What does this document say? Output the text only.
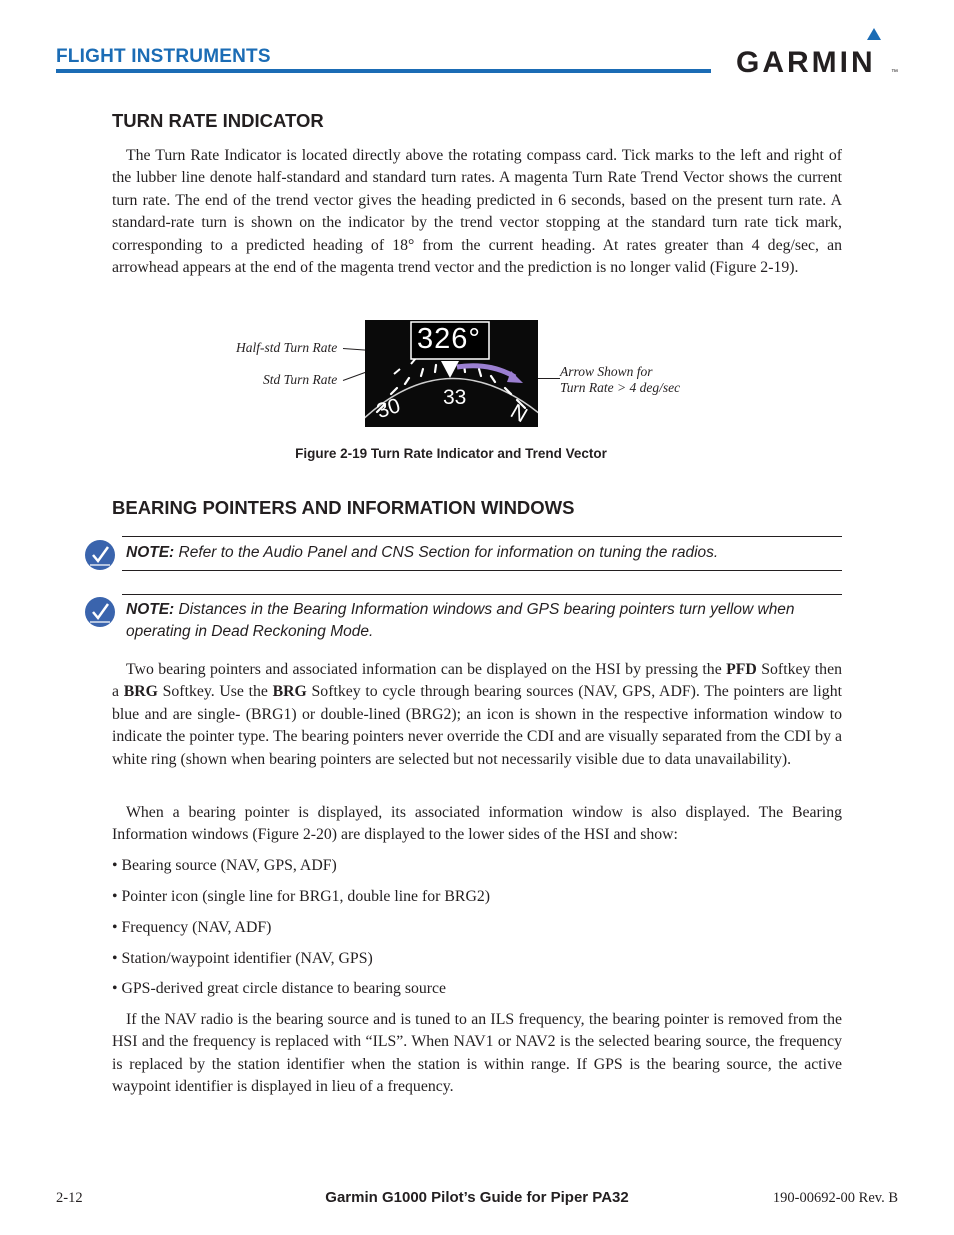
FLIGHT INSTRUMENTS	GARMIN ™
TURN RATE INDICATOR

The Turn Rate Indicator is located directly above the rotating compass card. Tick marks to the left and right of the lubber line denote half-standard and standard turn rates. A magenta Turn Rate Trend Vector shows the current turn rate. The end of the trend vector gives the heading predicted in 6 seconds, based on the present turn rate. A standard-rate turn is shown on the indicator by the trend vector stopping at the standard turn rate tick mark, corresponding to a predicted heading of 18° from the current heading. At rates greater than 4 deg/sec, an arrowhead appears at the end of the magenta trend vector and the prediction is no longer valid (Figure 2-19).

Half-std Turn Rate
Std Turn Rate
Arrow Shown for
Turn Rate > 4 deg/sec
326°
30 33
N
Figure 2-19 Turn Rate Indicator and Trend Vector
BEARING POINTERS AND INFORMATION WINDOWS
NOTE: Refer to the Audio Panel and CNS Section for information on tuning the radios.
NOTE: Distances in the Bearing Information windows and GPS bearing pointers turn yellow when operating in Dead Reckoning Mode.

Two bearing pointers and associated information can be displayed on the HSI by pressing the PFD Softkey then a BRG Softkey. Use the BRG Softkey to cycle through bearing sources (NAV, GPS, ADF). The pointers are light blue and are single- (BRG1) or double-lined (BRG2); an icon is shown in the respective information window to indicate the pointer type. The bearing pointers never override the CDI and are visually separated from the CDI by a white ring (shown when bearing pointers are selected but not necessarily visible due to data unavailability).

When a bearing pointer is displayed, its associated information window is also displayed. The Bearing Information windows (Figure 2-20) are displayed to the lower sides of the HSI and show:

• Bearing source (NAV, GPS, ADF)
• Pointer icon (single line for BRG1, double line for BRG2)
• Frequency (NAV, ADF)
• Station/waypoint identifier (NAV, GPS)
• GPS-derived great circle distance to bearing source

If the NAV radio is the bearing source and is tuned to an ILS frequency, the bearing pointer is removed from the HSI and the frequency is replaced with “ILS”. When NAV1 or NAV2 is the selected bearing source, the frequency is replaced by the station identifier when the station is within range. If GPS is the bearing source, the active waypoint identifier is displayed in lieu of a frequency.

2-12	Garmin G1000 Pilot’s Guide for Piper PA32	190-00692-00 Rev. B
